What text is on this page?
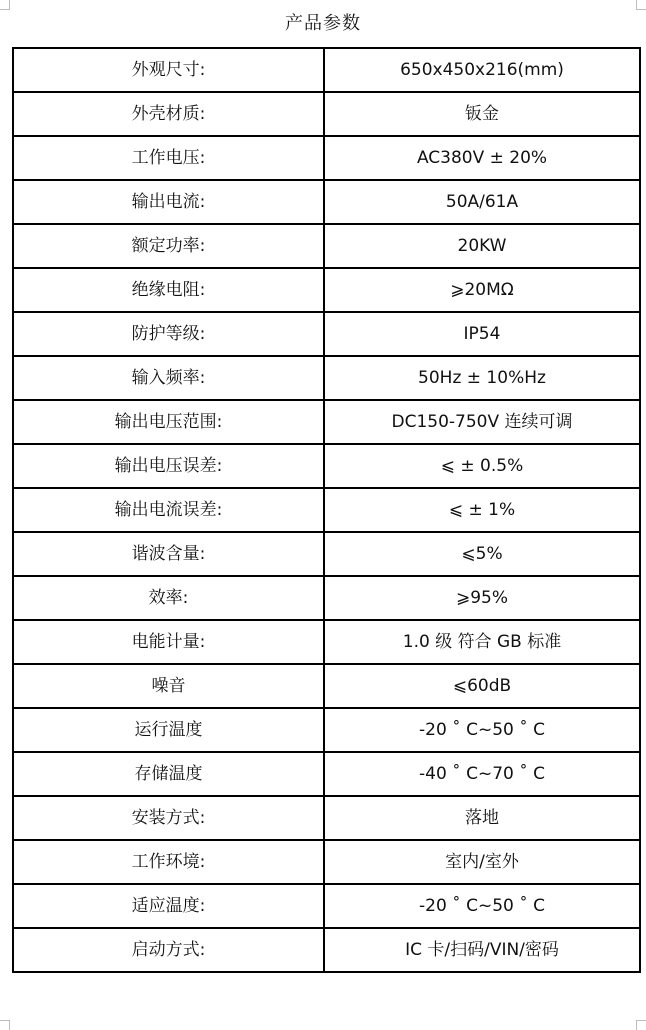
产品参数
外观尺寸:	650x450x216(mm)
外壳材质:	钣金
工作电压:	AC380V ± 20%
输出电流:	50A/61A
额定功率:	20KW
绝缘电阻:	⩾20MΩ
防护等级:	IP54
输入频率:	50Hz ± 10%Hz
输出电压范围:	DC150-750V 连续可调
输出电压误差:	⩽ ± 0.5%
输出电流误差:	⩽ ± 1%
谐波含量:	⩽5%
效率:	⩾95%
电能计量:	1.0 级 符合 GB 标准
噪音	⩽60dB
运行温度	-20 ˚ C~50 ˚ C
存储温度	-40 ˚ C~70 ˚ C
安装方式:	落地
工作环境:	室内/室外
适应温度:	-20 ˚ C~50 ˚ C
启动方式:	IC 卡/扫码/VIN/密码
